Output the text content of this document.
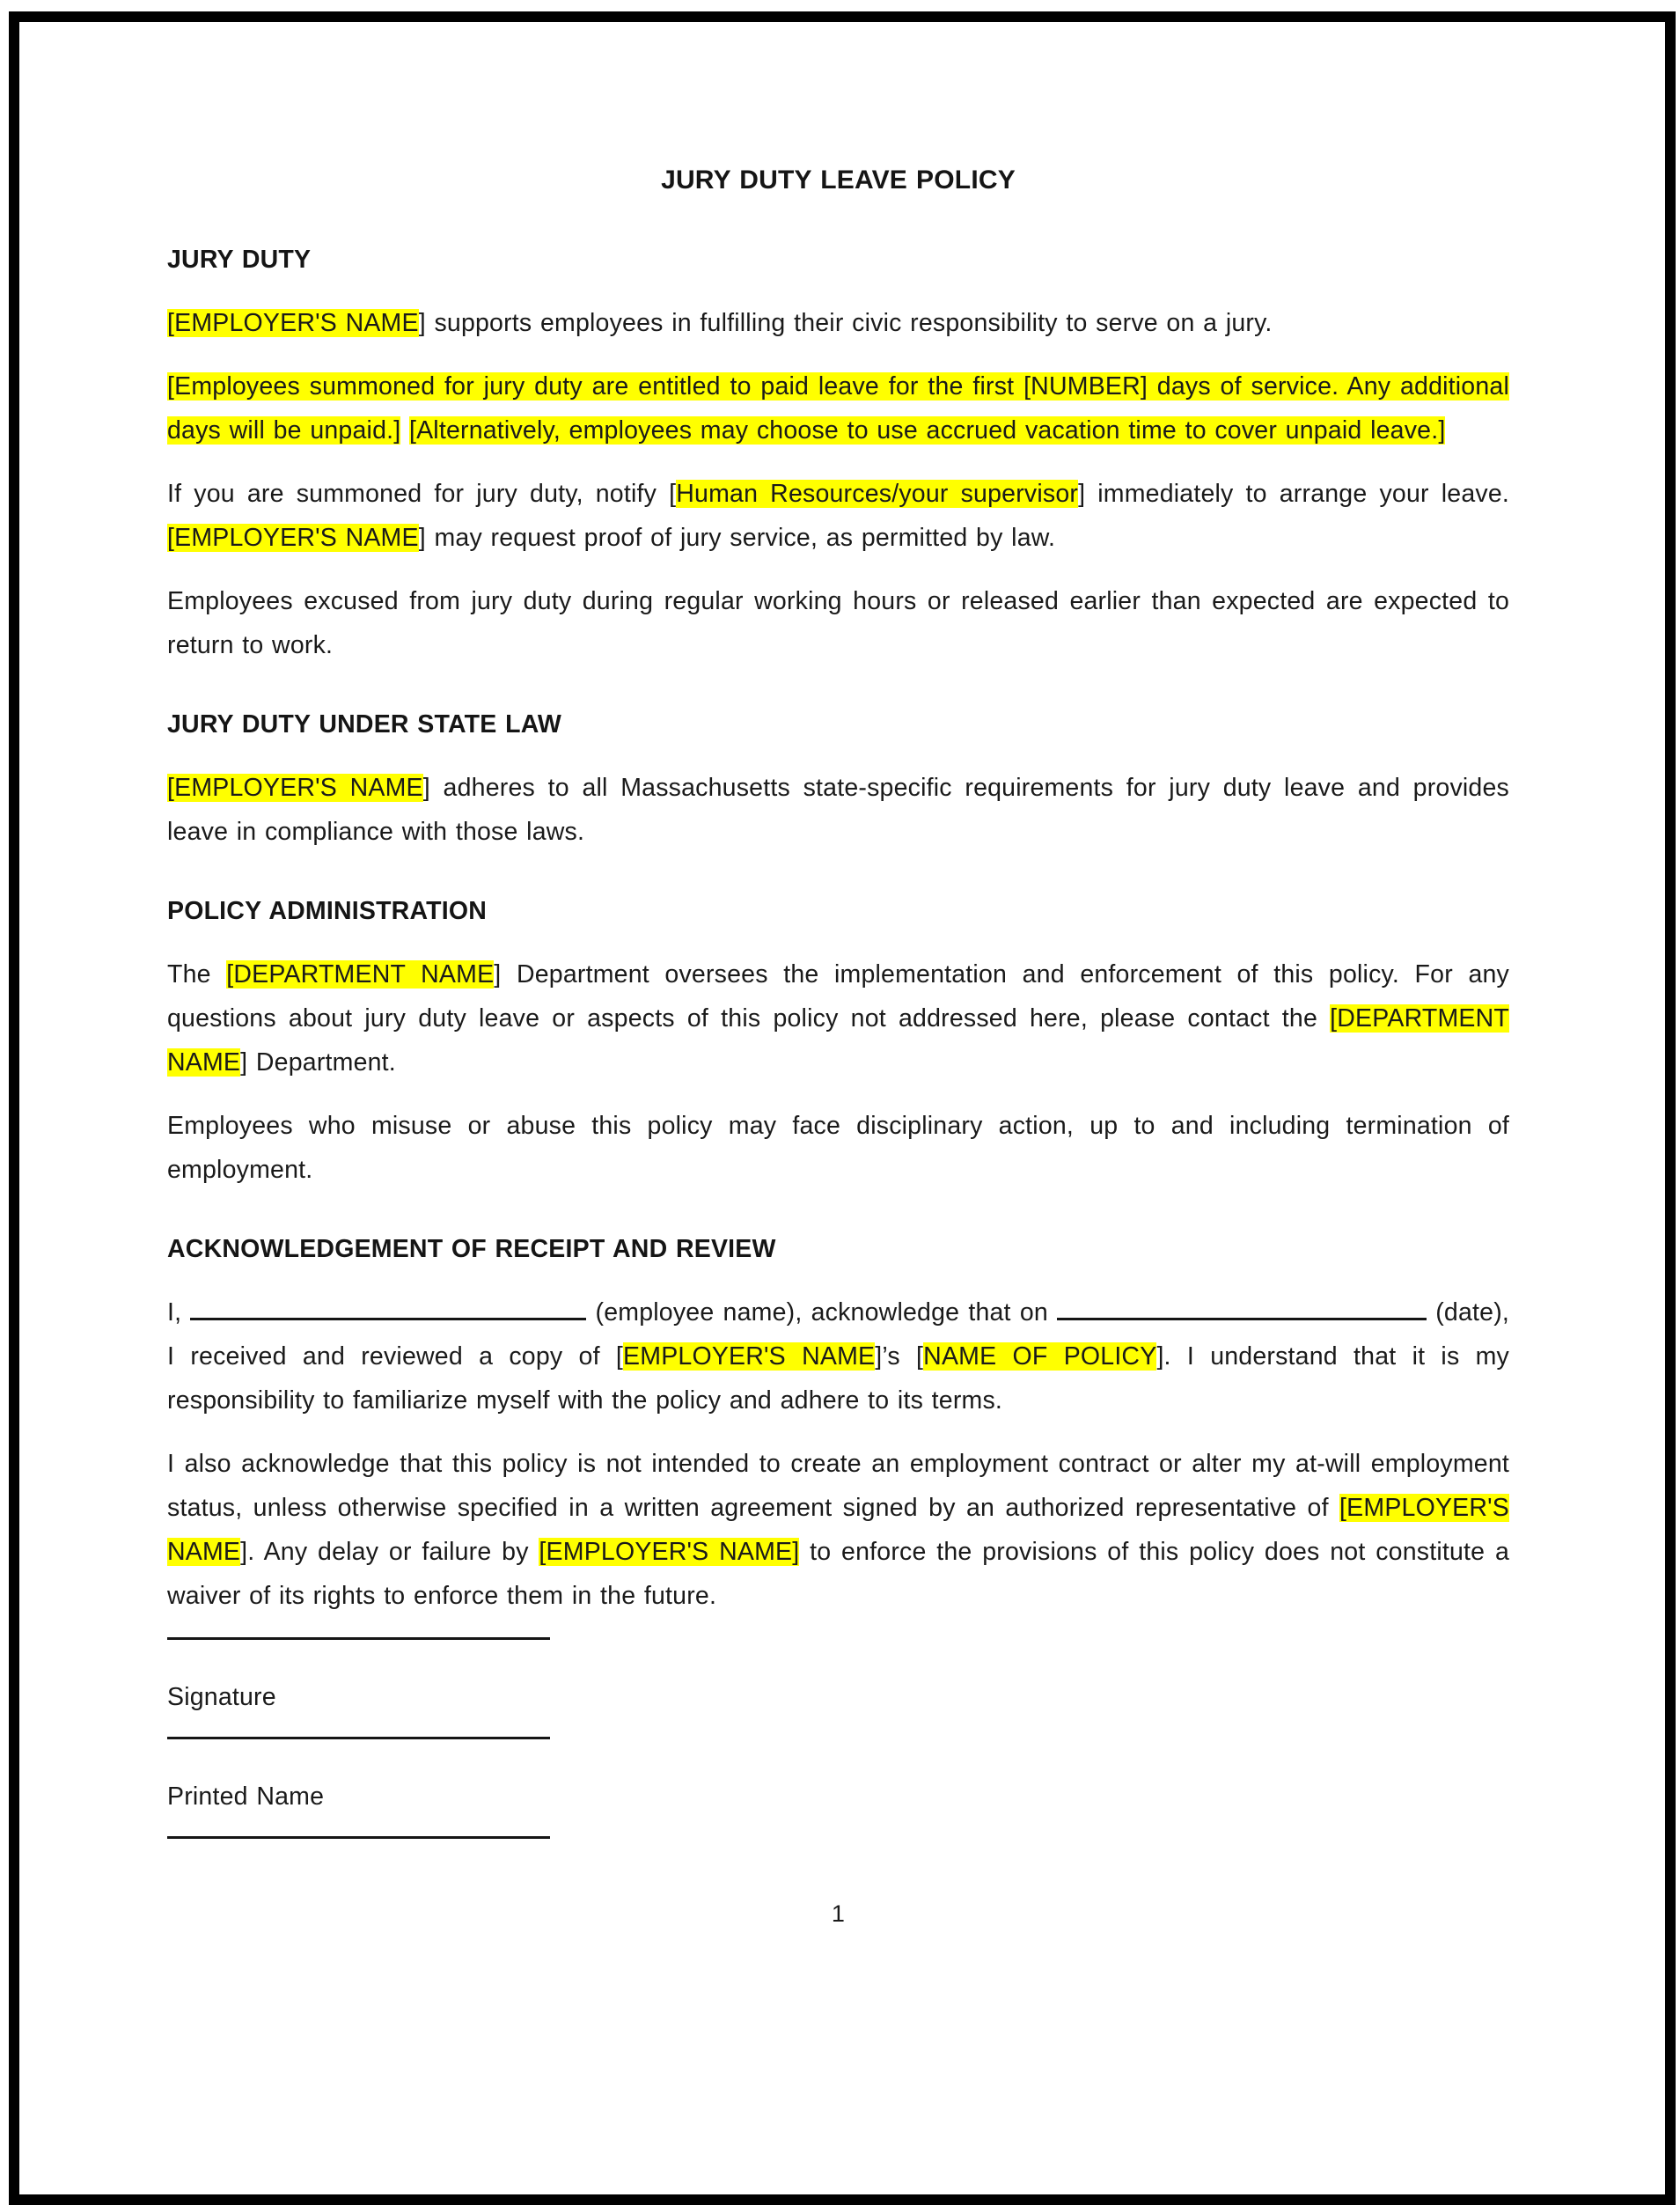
JURY DUTY LEAVE POLICY
JURY DUTY

[EMPLOYER'S NAME] supports employees in fulfilling their civic responsibility to serve on a jury.

[Employees summoned for jury duty are entitled to paid leave for the first [NUMBER] days of service. Any additional days will be unpaid.] [Alternatively, employees may choose to use accrued vacation time to cover unpaid leave.]

If you are summoned for jury duty, notify [Human Resources/your supervisor] immediately to arrange your leave. [EMPLOYER'S NAME] may request proof of jury service, as permitted by law.

Employees excused from jury duty during regular working hours or released earlier than expected are expected to return to work.

JURY DUTY UNDER STATE LAW

[EMPLOYER'S NAME] adheres to all Massachusetts state-specific requirements for jury duty leave and provides leave in compliance with those laws.

POLICY ADMINISTRATION

The [DEPARTMENT NAME] Department oversees the implementation and enforcement of this policy. For any questions about jury duty leave or aspects of this policy not addressed here, please contact the [DEPARTMENT NAME] Department.

Employees who misuse or abuse this policy may face disciplinary action, up to and including termination of employment.

ACKNOWLEDGEMENT OF RECEIPT AND REVIEW

I,	(employee name), acknowledge that on	(date), I received and reviewed a copy of [EMPLOYER'S NAME]’s [NAME OF POLICY]. I understand that it is my responsibility to familiarize myself with the policy and adhere to its terms.

I also acknowledge that this policy is not intended to create an employment contract or alter my at-will employment status, unless otherwise specified in a written agreement signed by an authorized representative of [EMPLOYER'S NAME]. Any delay or failure by [EMPLOYER'S NAME] to enforce the provisions of this policy does not constitute a waiver of its rights to enforce them in the future.

Signature
Printed Name
1
